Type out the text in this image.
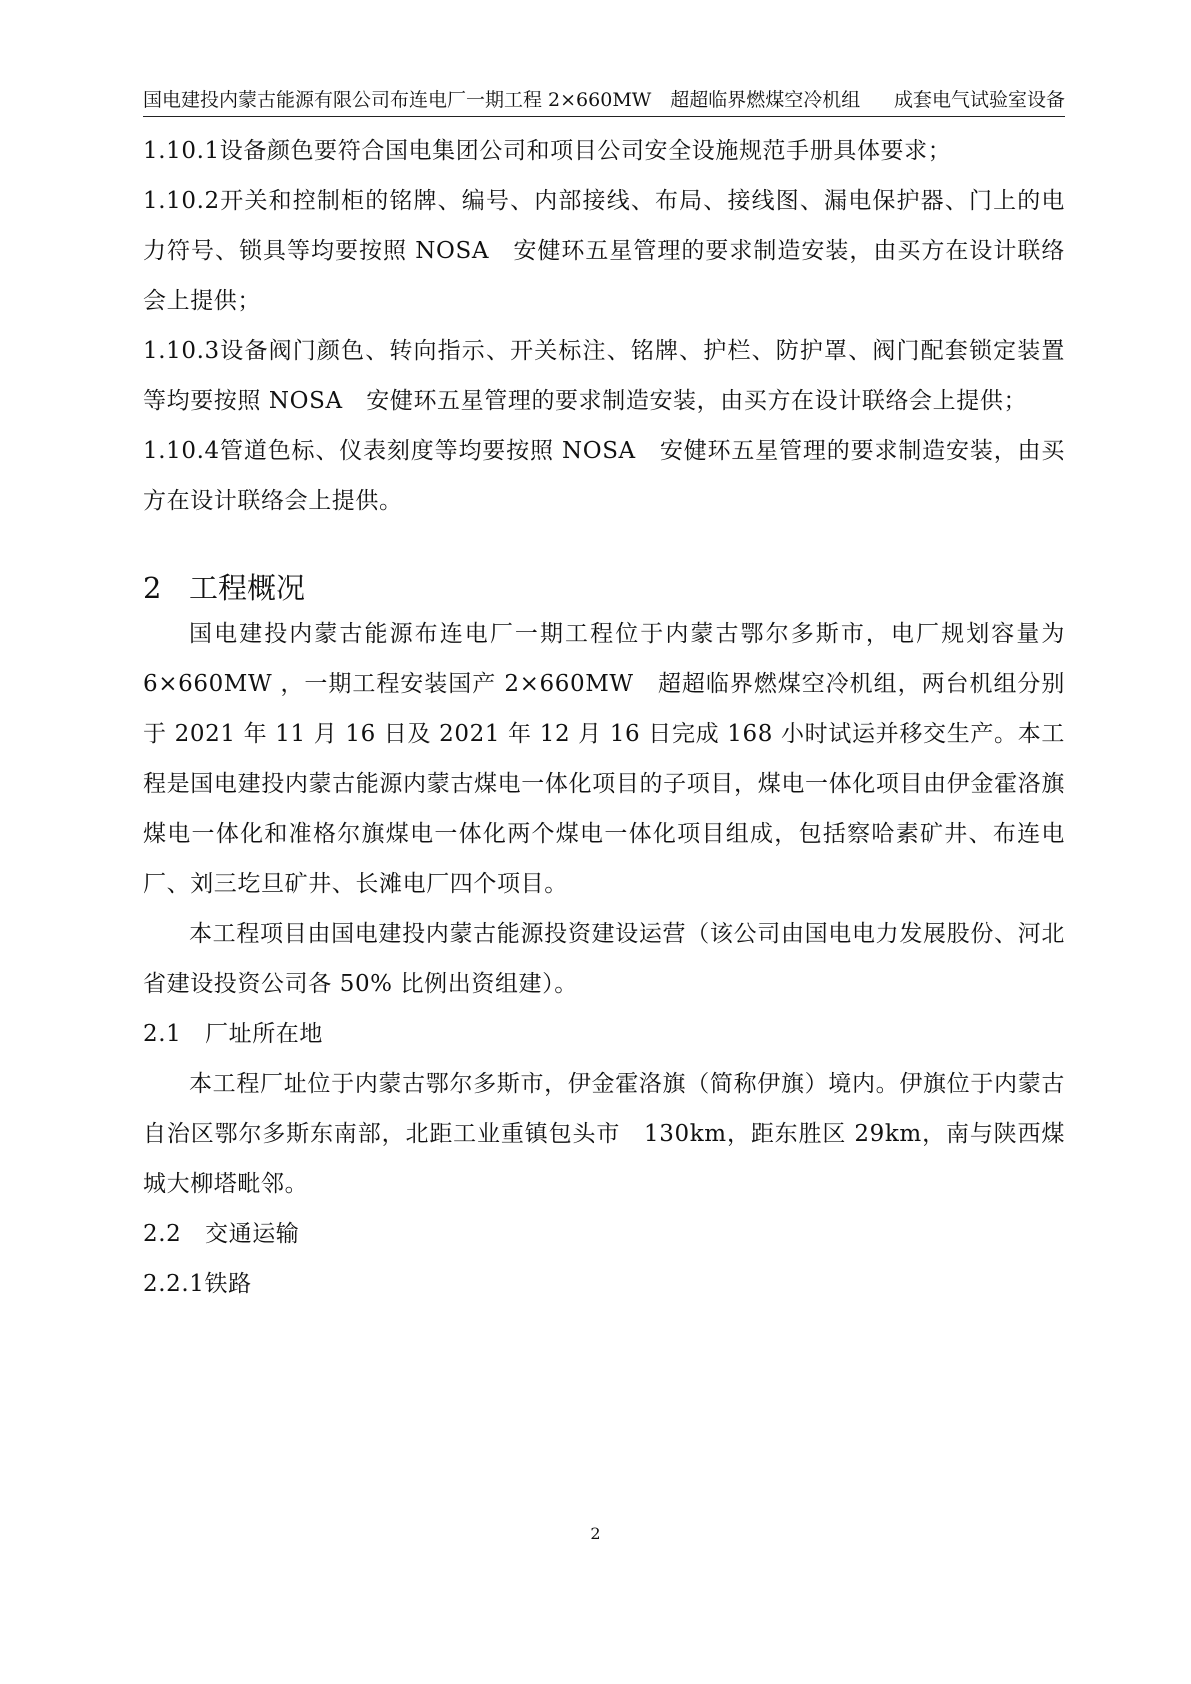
国电建投内蒙古能源有限公司布连电厂一期工程 2×660MW　超超临界燃煤空冷机组 成套电气试验室设备

1.10.1设备颜色要符合国电集团公司和项目公司安全设施规范手册具体要求；

1.10.2开关和控制柜的铭牌、编号、内部接线、布局、接线图、漏电保护器、门上的电力符号、锁具等均要按照 NOSA　安健环五星管理的要求制造安装，由买方在设计联络会上提供；

1.10.3设备阀门颜色、转向指示、开关标注、铭牌、护栏、防护罩、阀门配套锁定装置等均要按照 NOSA　安健环五星管理的要求制造安装，由买方在设计联络会上提供；

1.10.4管道色标、仪表刻度等均要按照 NOSA　安健环五星管理的要求制造安装，由买方在设计联络会上提供。

2 工程概况

国电建投内蒙古能源布连电厂一期工程位于内蒙古鄂尔多斯市，电厂规划容量为 6×660MW ，一期工程安装国产 2×660MW　超超临界燃煤空冷机组，两台机组分别于 2021 年 11 月 16 日及 2021 年 12 月 16 日完成 168 小时试运并移交生产。本工程是国电建投内蒙古能源内蒙古煤电一体化项目的子项目，煤电一体化项目由伊金霍洛旗煤电一体化和准格尔旗煤电一体化两个煤电一体化项目组成，包括察哈素矿井、布连电厂、刘三圪旦矿井、长滩电厂四个项目。

本工程项目由国电建投内蒙古能源投资建设运营（该公司由国电电力发展股份、河北省建设投资公司各 50% 比例出资组建）。

2.1  厂址所在地

本工程厂址位于内蒙古鄂尔多斯市，伊金霍洛旗（简称伊旗）境内。伊旗位于内蒙古自治区鄂尔多斯东南部，北距工业重镇包头市　130km，距东胜区 29km，南与陕西煤城大柳塔毗邻。

2.2  交通运输

2.2.1铁路

2
